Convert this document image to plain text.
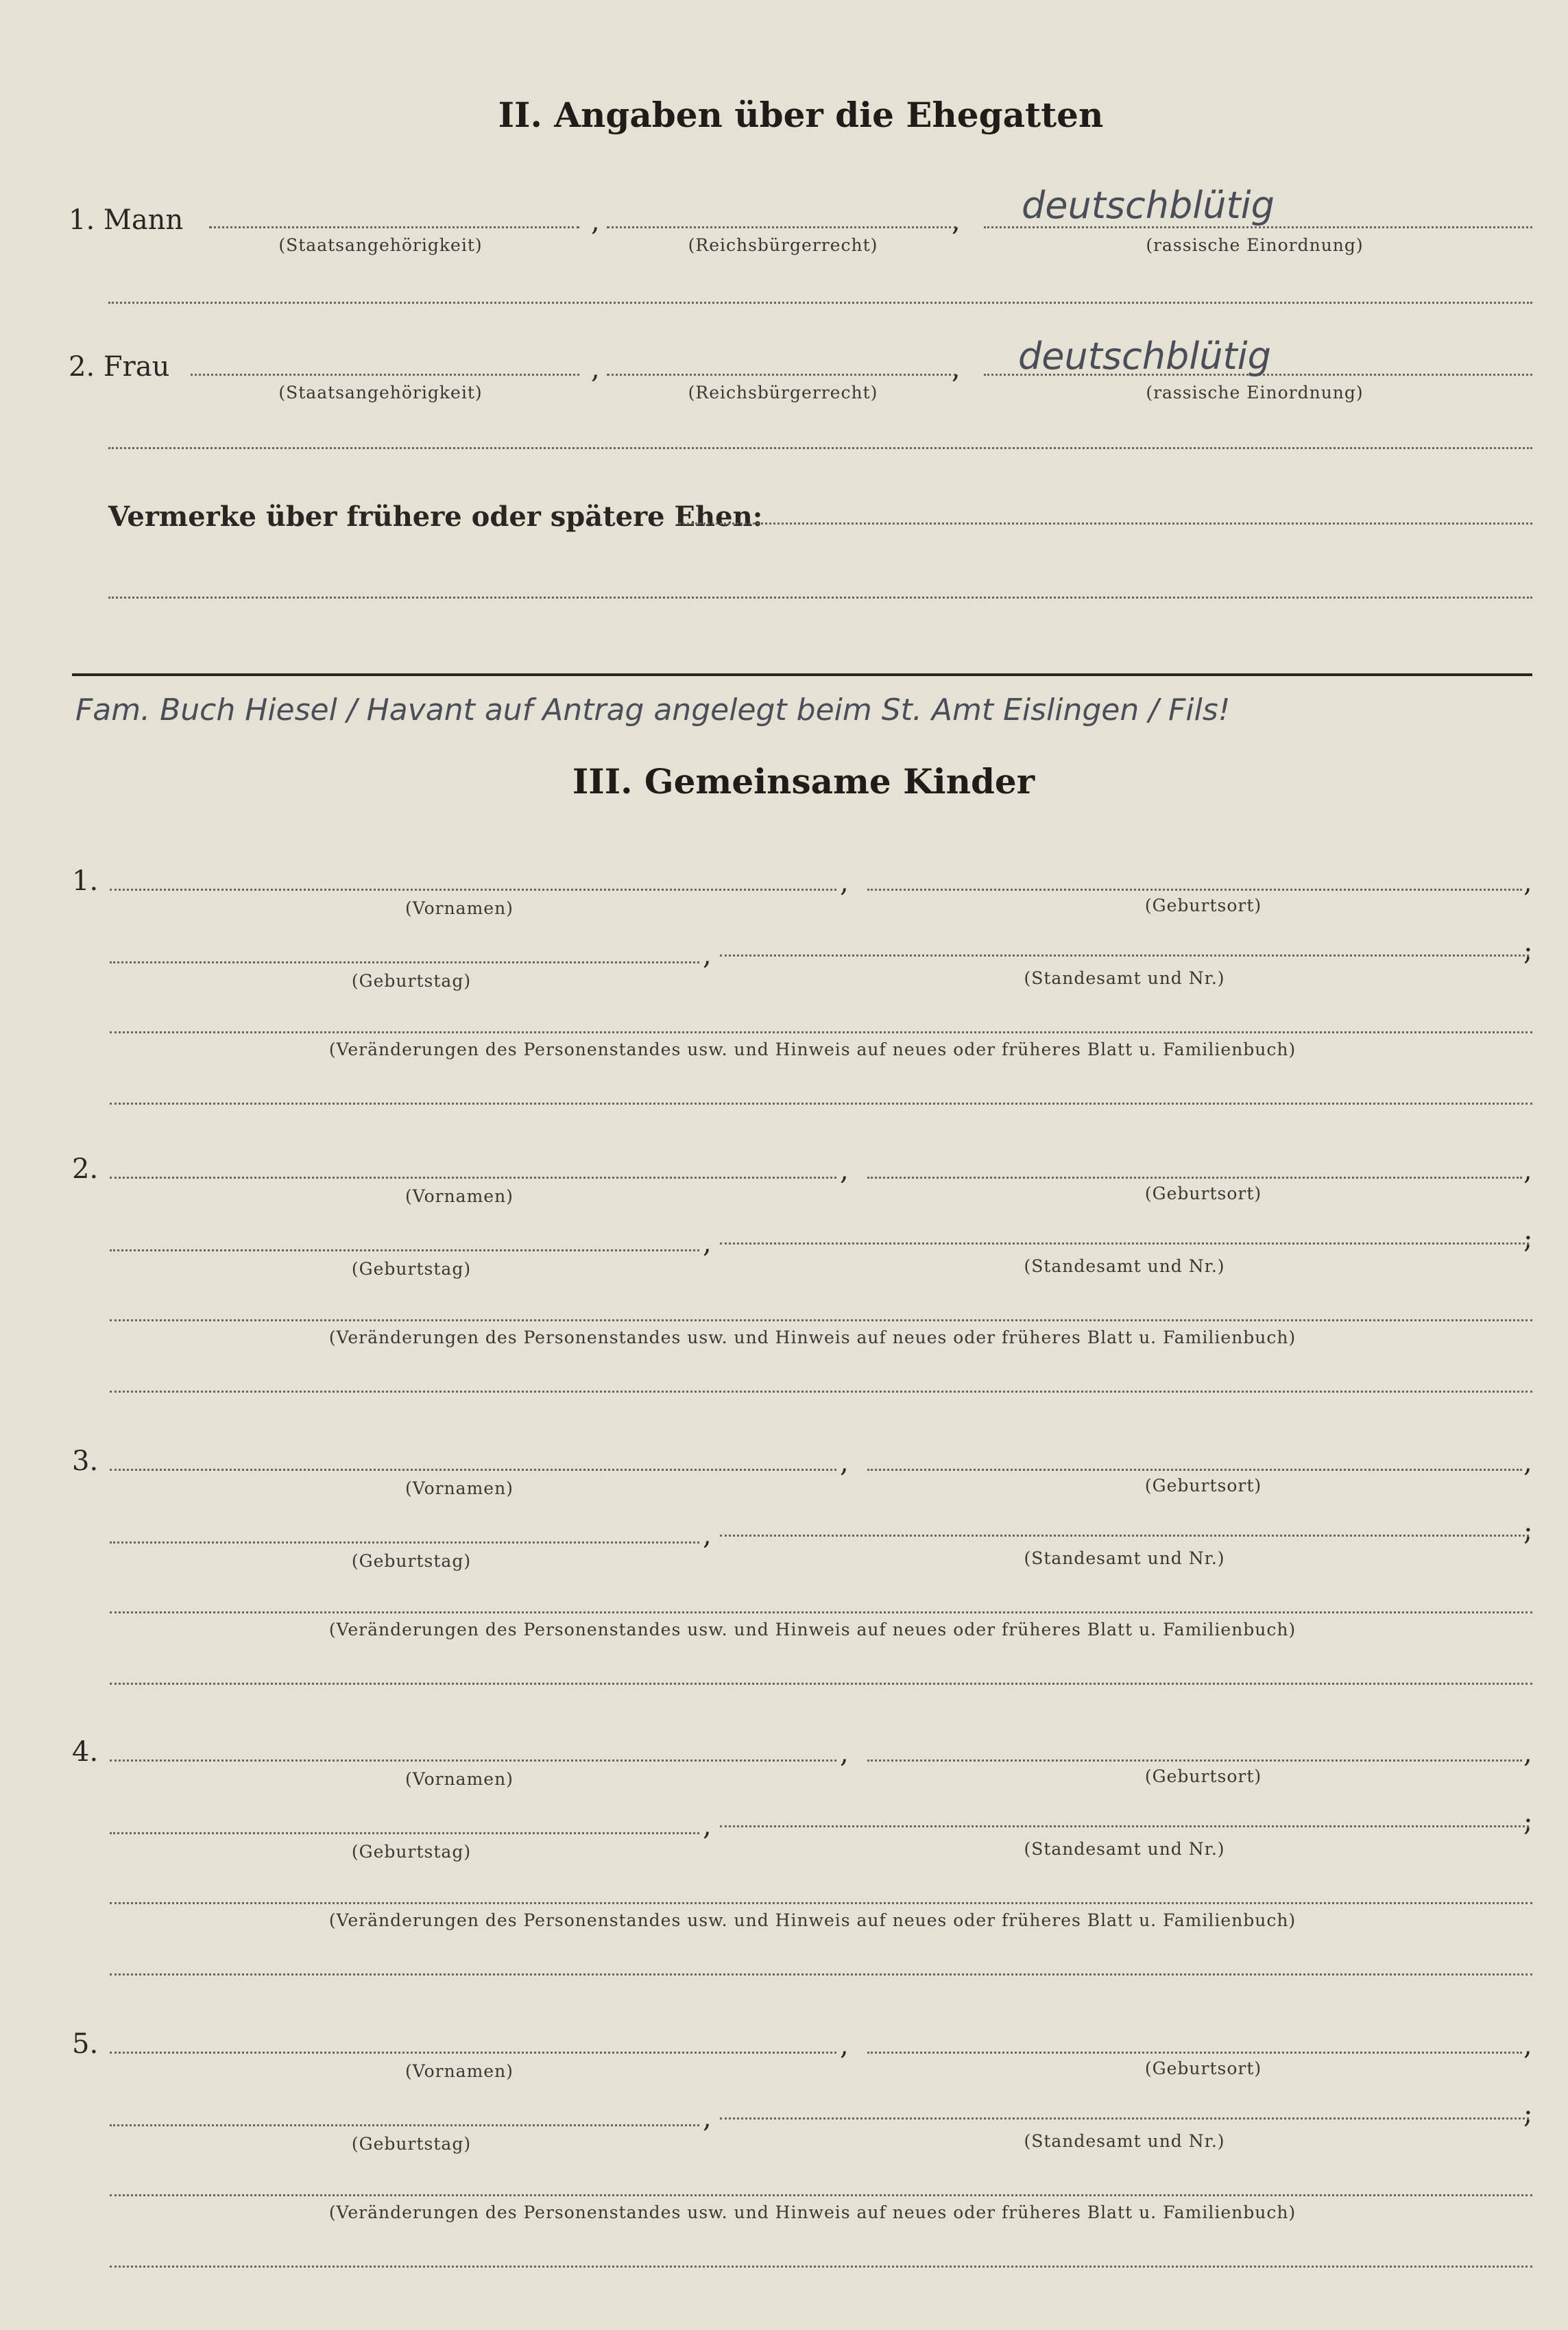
II. Angaben über die Ehegatten
1. Mann	,	,
(Staatsangehörigkeit)	(Reichsbürgerrecht)	(rassische Einordnung)
deutschblütig
2. Frau	,	,
(Staatsangehörigkeit)	(Reichsbürgerrecht)	(rassische Einordnung)
deutschblütig
Vermerke über frühere oder spätere Ehen:
Fam. Buch Hiesel / Havant auf Antrag angelegt beim St. Amt Eislingen / Fils!
III. Gemeinsame Kinder
1.	,	,
(Vornamen)	(Geburtsort)
,	;
(Geburtstag)	(Standesamt und Nr.)
(Veränderungen des Personenstandes usw. und Hinweis auf neues oder früheres Blatt u. Familienbuch)
2.	,	,
(Vornamen)	(Geburtsort)
,	;
(Geburtstag)	(Standesamt und Nr.)
(Veränderungen des Personenstandes usw. und Hinweis auf neues oder früheres Blatt u. Familienbuch)
3.	,	,
(Vornamen)	(Geburtsort)
,	;
(Geburtstag)	(Standesamt und Nr.)
(Veränderungen des Personenstandes usw. und Hinweis auf neues oder früheres Blatt u. Familienbuch)
4.	,	,
(Vornamen)	(Geburtsort)
,	;
(Geburtstag)	(Standesamt und Nr.)
(Veränderungen des Personenstandes usw. und Hinweis auf neues oder früheres Blatt u. Familienbuch)
5.	,	,
(Vornamen)	(Geburtsort)
,	;
(Geburtstag)	(Standesamt und Nr.)
(Veränderungen des Personenstandes usw. und Hinweis auf neues oder früheres Blatt u. Familienbuch)
